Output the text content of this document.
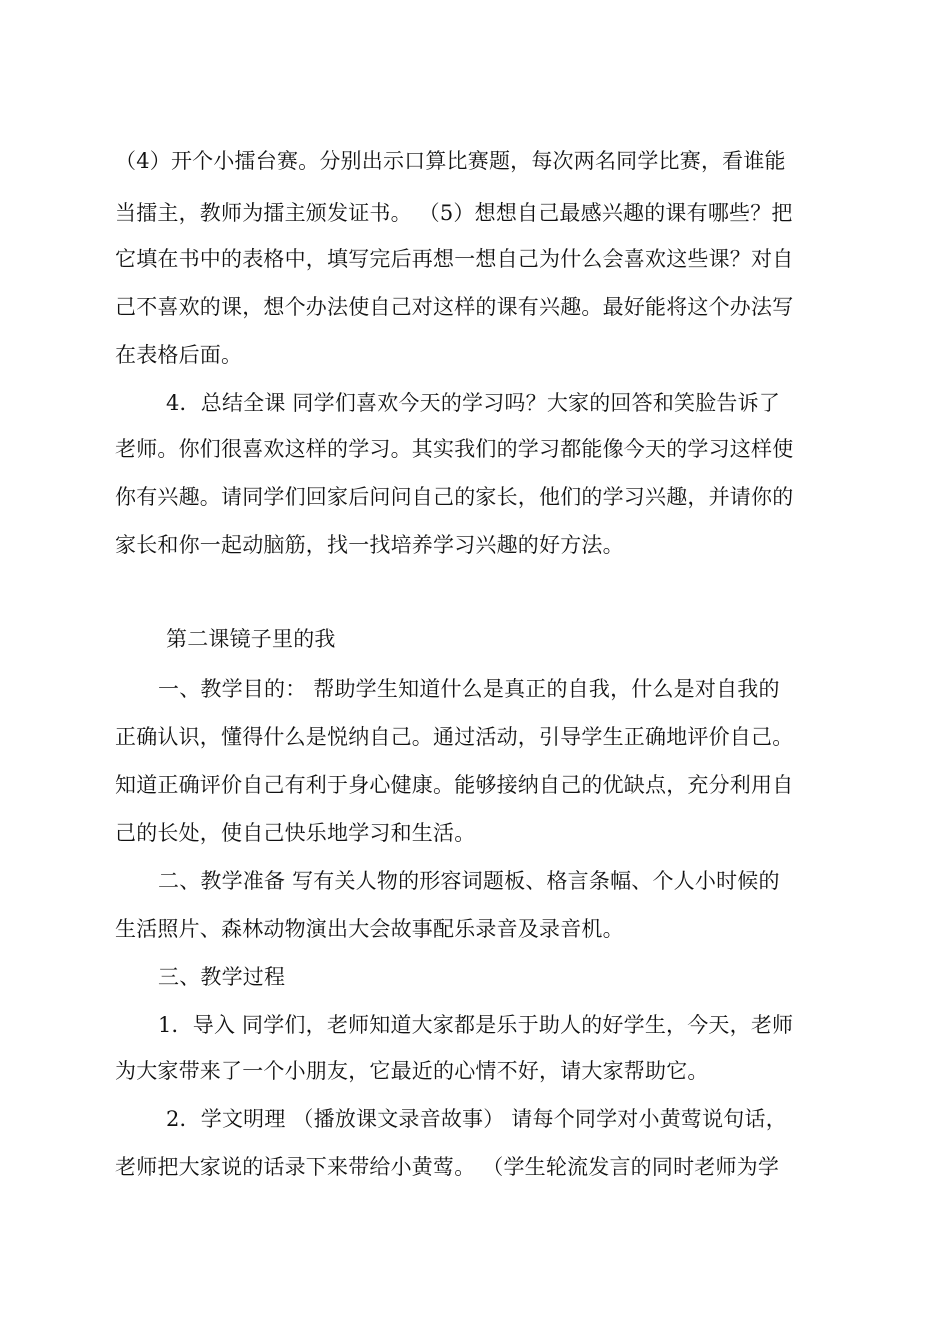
（4）开个小擂台赛。分别出示口算比赛题，每次两名同学比赛，看谁能
当擂主，教师为擂主颁发证书。 （5）想想自己最感兴趣的课有哪些？把
它填在书中的表格中，填写完后再想一想自己为什么会喜欢这些课？对自
己不喜欢的课，想个办法使自己对这样的课有兴趣。最好能将这个办法写
在表格后面。
4．总结全课 同学们喜欢今天的学习吗？大家的回答和笑脸告诉了
老师。你们很喜欢这样的学习。其实我们的学习都能像今天的学习这样使
你有兴趣。请同学们回家后问问自己的家长，他们的学习兴趣，并请你的
家长和你一起动脑筋，找一找培养学习兴趣的好方法。
第二课镜子里的我
一、教学目的： 帮助学生知道什么是真正的自我，什么是对自我的
正确认识，懂得什么是悦纳自己。通过活动，引导学生正确地评价自己。
知道正确评价自己有利于身心健康。能够接纳自己的优缺点，充分利用自
己的长处，使自己快乐地学习和生活。
二、教学准备 写有关人物的形容词题板、格言条幅、个人小时候的
生活照片、森林动物演出大会故事配乐录音及录音机。
三、教学过程
1．导入 同学们，老师知道大家都是乐于助人的好学生，今天，老师
为大家带来了一个小朋友，它最近的心情不好，请大家帮助它。
2．学文明理 （播放课文录音故事） 请每个同学对小黄莺说句话，
老师把大家说的话录下来带给小黄莺。 （学生轮流发言的同时老师为学
